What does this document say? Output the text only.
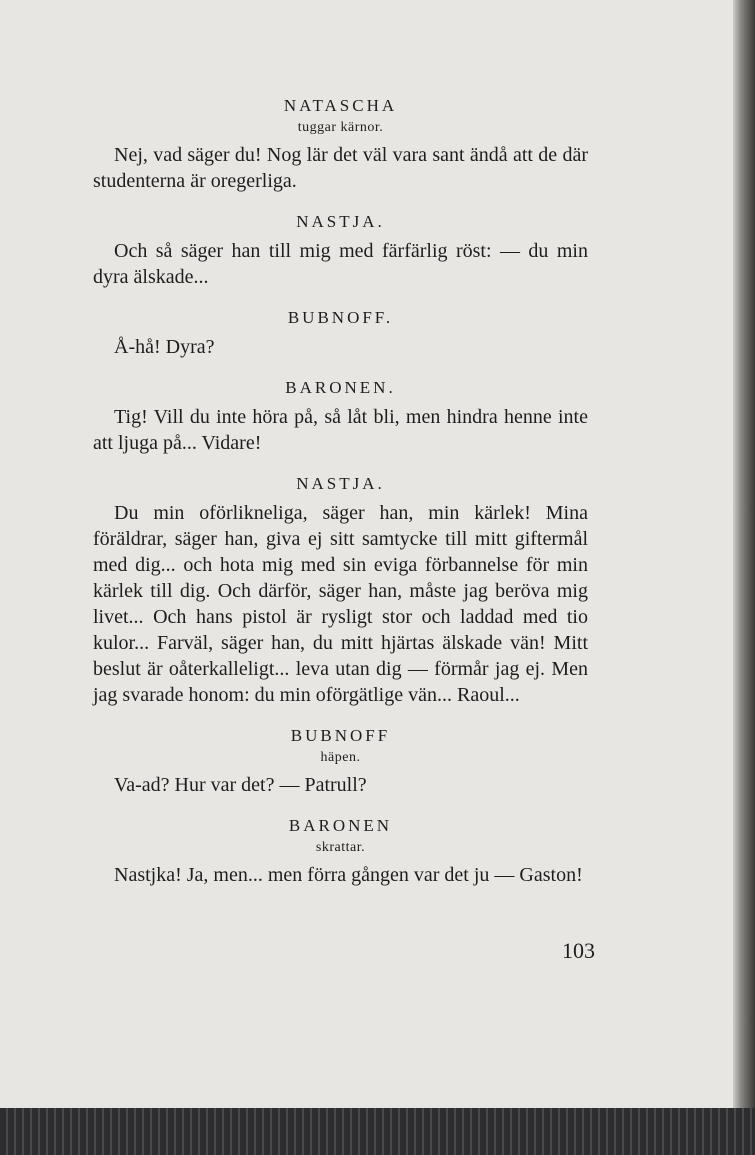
NATASCHA
tuggar kärnor.

Nej, vad säger du! Nog lär det väl vara sant ändå att de där studenterna är oregerliga.

NASTJA.

Och så säger han till mig med färfärlig röst: — du min dyra älskade...

BUBNOFF.

Å-hå! Dyra?

BARONEN.

Tig! Vill du inte höra på, så låt bli, men hindra henne inte att ljuga på... Vidare!

NASTJA.

Du min oförlikneliga, säger han, min kärlek! Mina föräldrar, säger han, giva ej sitt samtycke till mitt giftermål med dig... och hota mig med sin eviga förbannelse för min kärlek till dig. Och därför, säger han, måste jag beröva mig livet... Och hans pistol är rysligt stor och laddad med tio kulor... Farväl, säger han, du mitt hjärtas älskade vän! Mitt beslut är oåterkalleligt... leva utan dig — förmår jag ej. Men jag svarade honom: du min oförgätlige vän... Raoul...

BUBNOFF
häpen.

Va-ad? Hur var det? — Patrull?

BARONEN
skrattar.

Nastjka! Ja, men... men förra gången var det ju — Gaston!

103
